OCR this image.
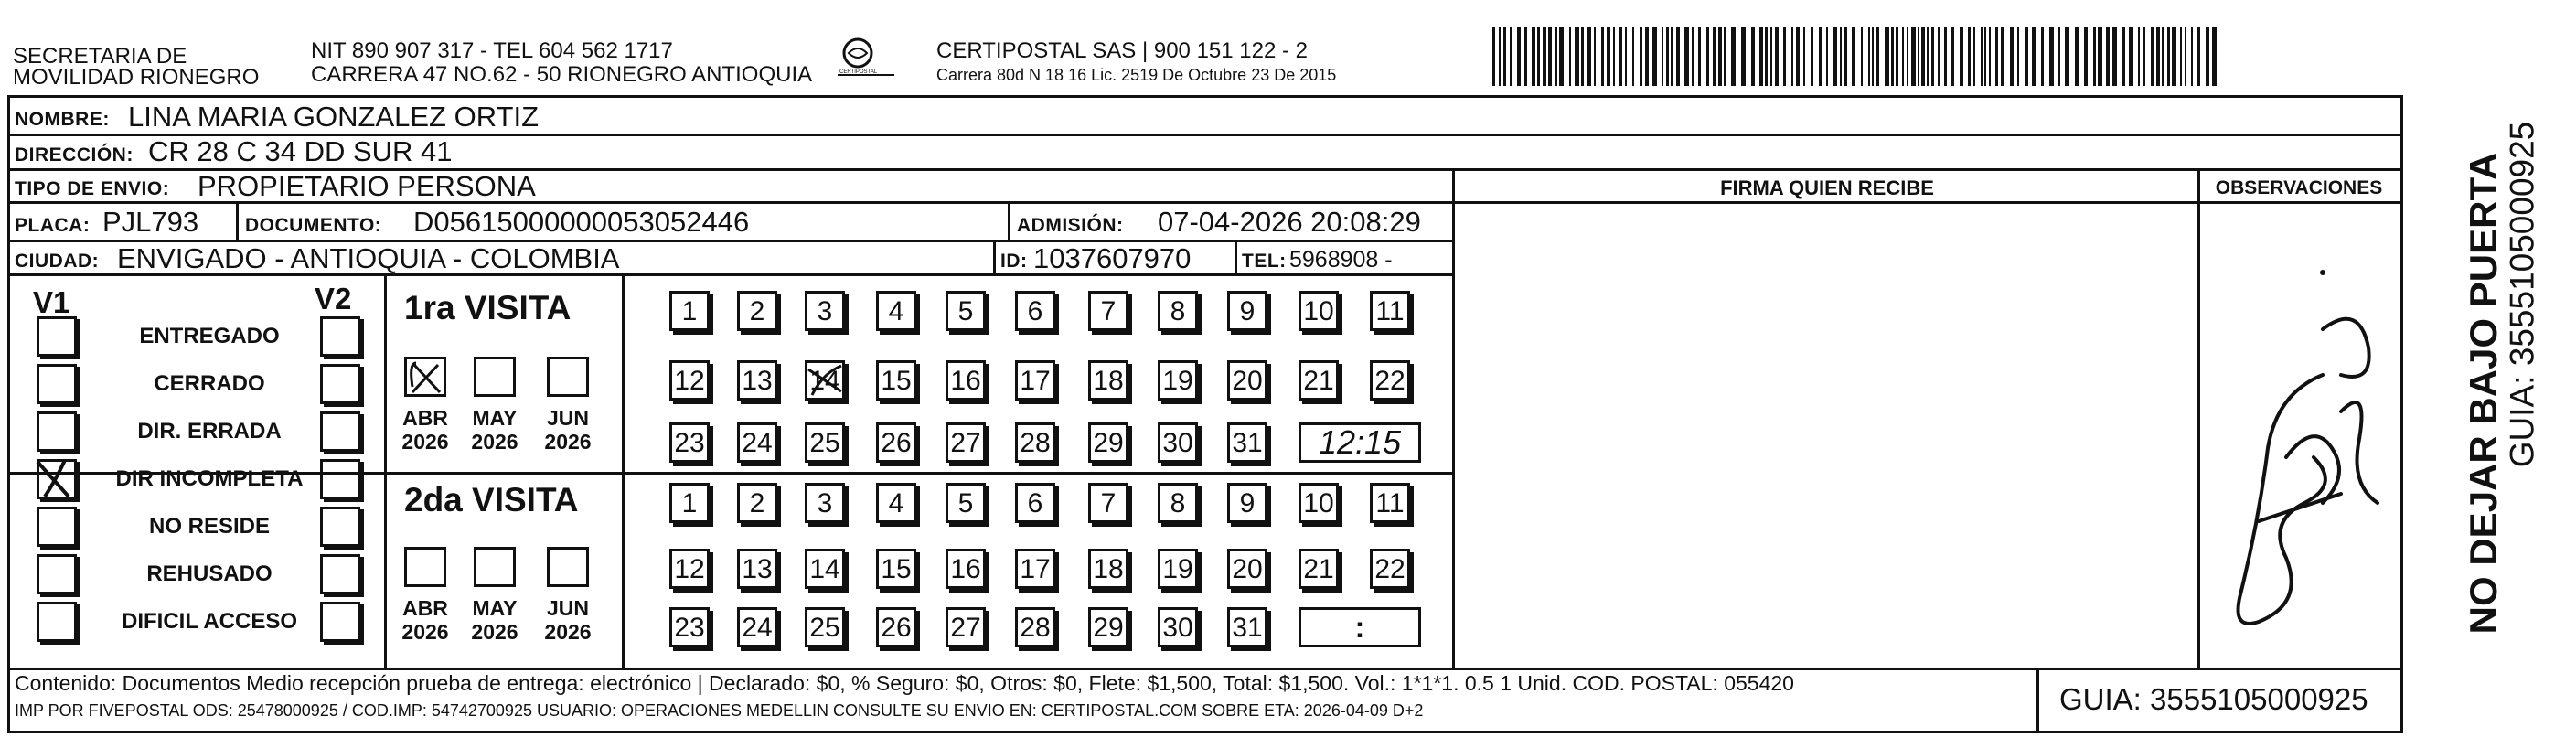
SECRETARIA DE
MOVILIDAD RIONEGRO
NIT 890 907 317 - TEL 604 562 1717
CARRERA 47 NO.62 - 50 RIONEGRO ANTIOQUIA	CERTIPOSTAL
CERTIPOSTAL SAS | 900 151 122 - 2
Carrera 80d N 18 16 Lic. 2519 De Octubre 23 De 2015
NOMBRE: LINA MARIA GONZALEZ ORTIZ
DIRECCIÓN: CR 28 C 34 DD SUR 41
TIPO DE ENVIO: PROPIETARIO PERSONA
PLACA: PJL793 DOCUMENTO: D05615000000053052446	ADMISIÓN: 07-04-2026 20:08:29
CIUDAD: ENVIGADO - ANTIOQUIA - COLOMBIA	ID: 1037607970	TEL: 5968908 -
FIRMA QUIEN RECIBE	OBSERVACIONES
V1	V2
ENTREGADO
CERRADO
DIR. ERRADA
DIR INCOMPLETA
NO RESIDE
REHUSADO
DIFICIL ACCESO
1ra VISITA
2da VISITA
ABR
2026
MAY
2026
JUN
2026
1	2	3	4	5	6	7	8	9	10 11
12 13 14 15 16 17 18 19 20 21 22
23 24 25 26 27 28 29 30 31	12:15
ABR
2026
MAY
2026
JUN
2026
1	2	3	4	5	6	7	8	9	10 11
12 13 14 15 16 17 18 19 20 21 22
23 24 25 26 27 28 29 30 31	:
Contenido: Documentos Medio recepción prueba de entrega: electrónico | Declarado: $0, % Seguro: $0, Otros: $0, Flete: $1,500, Total: $1,500. Vol.: 1*1*1. 0.5 1 Unid. COD. POSTAL: 055420
IMP POR FIVEPOSTAL ODS: 25478000925 / COD.IMP: 54742700925 USUARIO: OPERACIONES MEDELLIN CONSULTE SU ENVIO EN: CERTIPOSTAL.COM SOBRE ETA: 2026-04-09 D+2	GUIA: 3555105000925
NO DEJAR BAJO PUERTA
GUIA: 3555105000925
